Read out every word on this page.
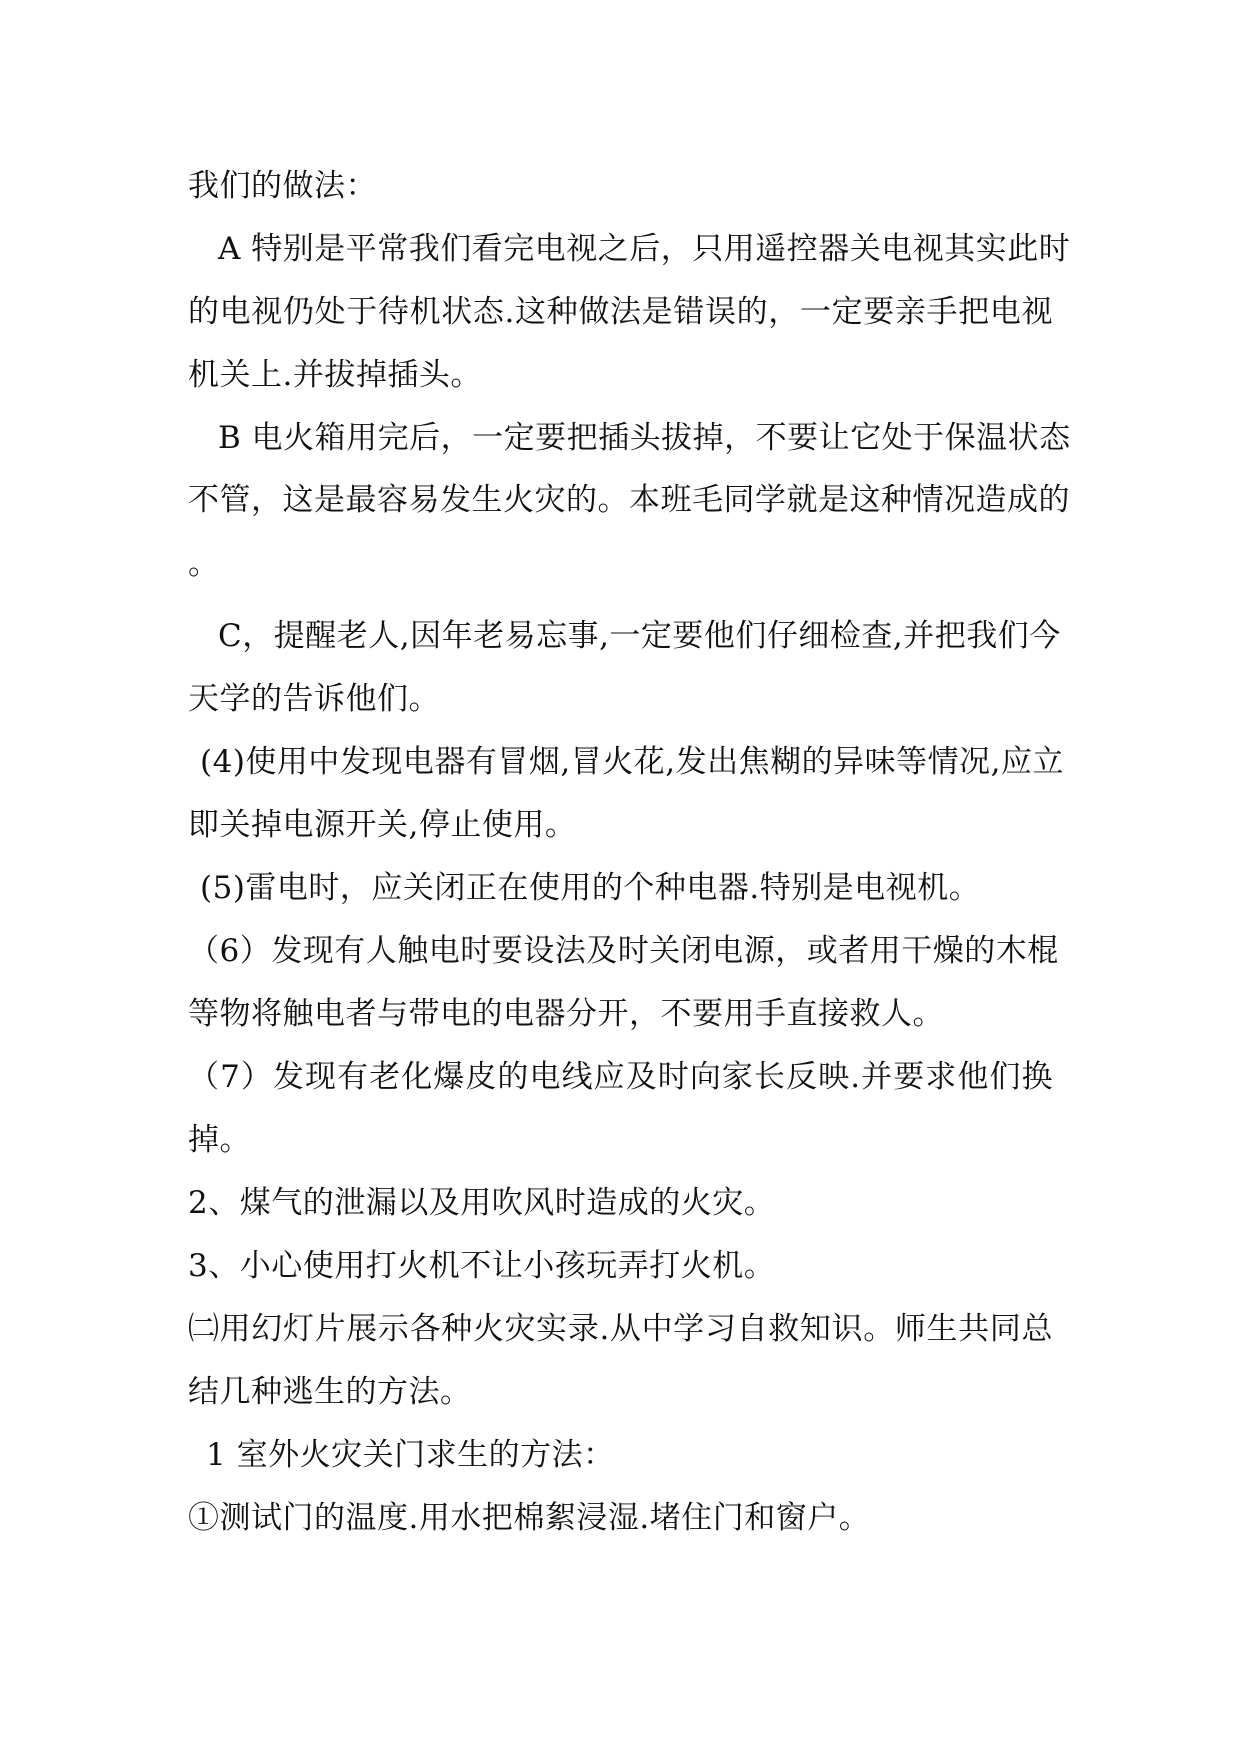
我们的做法：
A 特别是平常我们看完电视之后，只用遥控器关电视其实此时
的电视仍处于待机状态.这种做法是错误的，一定要亲手把电视
机关上.并拔掉插头。
B 电火箱用完后，一定要把插头拔掉，不要让它处于保温状态
不管，这是最容易发生火灾的。本班毛同学就是这种情况造成的
。
C，提醒老人,因年老易忘事,一定要他们仔细检查,并把我们今
天学的告诉他们。
(4)使用中发现电器有冒烟,冒火花,发出焦糊的异味等情况,应立
即关掉电源开关,停止使用。
(5)雷电时，应关闭正在使用的个种电器.特别是电视机。
（6）发现有人触电时要设法及时关闭电源，或者用干燥的木棍
等物将触电者与带电的电器分开，不要用手直接救人。
（7）发现有老化爆皮的电线应及时向家长反映.并要求他们换
掉。
2、煤气的泄漏以及用吹风时造成的火灾。
3、小心使用打火机不让小孩玩弄打火机。
㈡用幻灯片展示各种火灾实录.从中学习自救知识。师生共同总
结几种逃生的方法。
1 室外火灾关门求生的方法：
①测试门的温度.用水把棉絮浸湿.堵住门和窗户。
